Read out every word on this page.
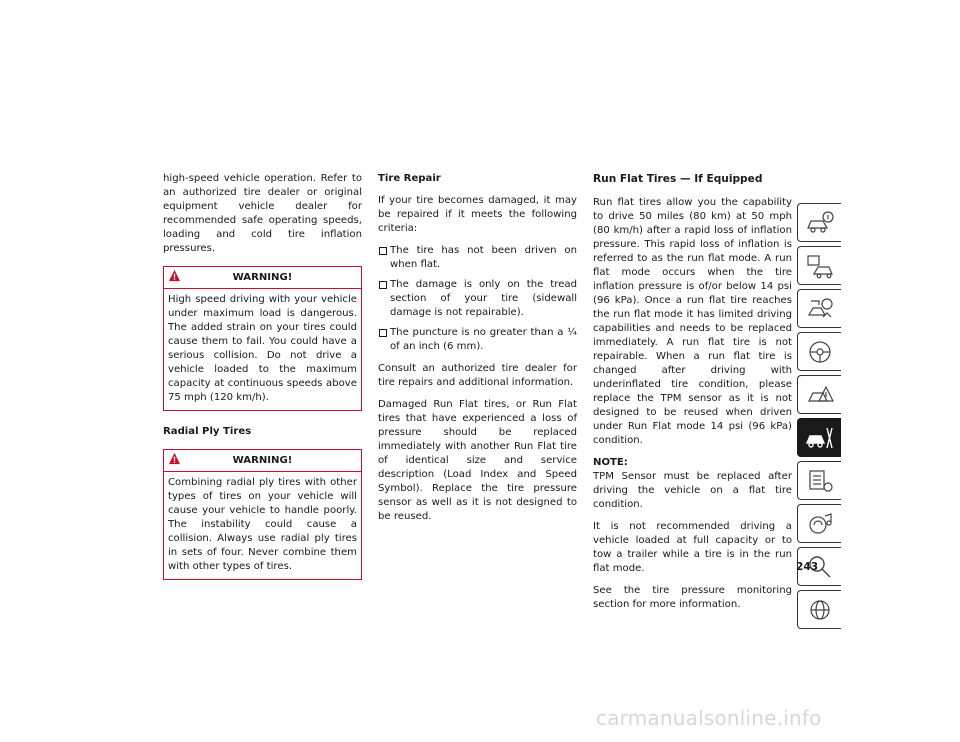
high-speed vehicle operation. Refer to an authorized tire dealer or original equipment vehicle dealer for recommended safe operating speeds, loading and cold tire inflation pressures.

WARNING!
High speed driving with your vehicle under maximum load is dangerous. The added strain on your tires could cause them to fail. You could have a serious collision. Do not drive a vehicle loaded to the maximum capacity at continuous speeds above 75 mph (120 km/h).
Radial Ply Tires
WARNING!
Combining radial ply tires with other types of tires on your vehicle will cause your vehicle to handle poorly. The instability could cause a collision. Always use radial ply tires in sets of four. Never combine them with other types of tires.
Tire Repair

If your tire becomes damaged, it may be repaired if it meets the following criteria:

The tire has not been driven on when flat.
The damage is only on the tread section of your tire (sidewall damage is not repairable).
The puncture is no greater than a ¼ of an inch (6 mm).

Consult an authorized tire dealer for tire repairs and additional information.

Damaged Run Flat tires, or Run Flat tires that have experienced a loss of pressure should be replaced immediately with another Run Flat tire of identical size and service description (Load Index and Speed Symbol). Replace the tire pressure sensor as well as it is not designed to be reused.

Run Flat Tires — If Equipped

Run flat tires allow you the capability to drive 50 miles (80 km) at 50 mph (80 km/h) after a rapid loss of inflation pressure. This rapid loss of inflation is referred to as the run flat mode. A run flat mode occurs when the tire inflation pressure is of/or below 14 psi (96 kPa). Once a run flat tire reaches the run flat mode it has limited driving capabilities and needs to be replaced immediately. A run flat tire is not repairable. When a run flat tire is changed after driving with underinflated tire condition, please replace the TPM sensor as it is not designed to be reused when driven under Run Flat mode 14 psi (96 kPa) condition.

NOTE:
TPM Sensor must be replaced after driving the vehicle on a flat tire condition.

It is not recommended driving a vehicle loaded at full capacity or to tow a trailer while a tire is in the run flat mode.

See the tire pressure monitoring section for more information.

243
carmanualsonline.info
